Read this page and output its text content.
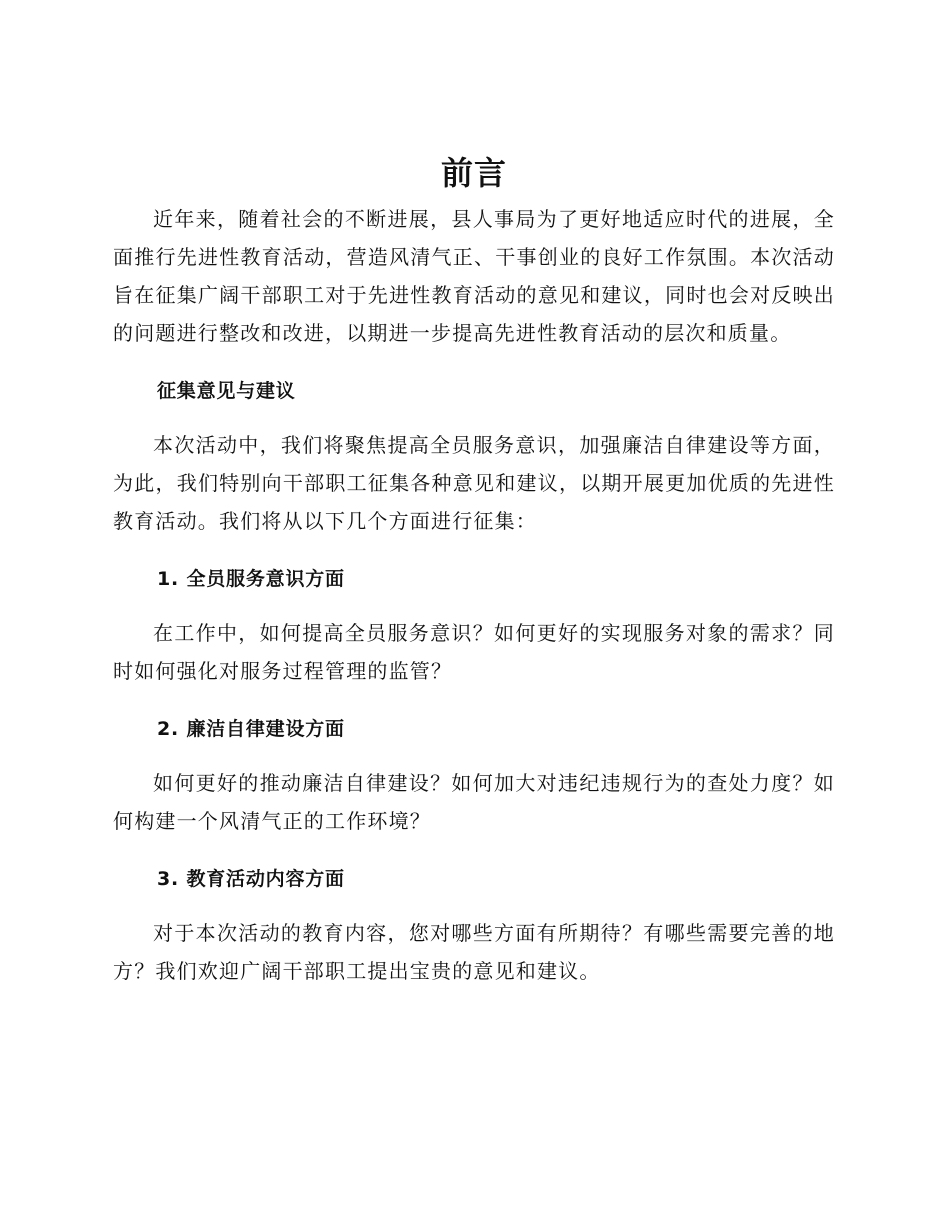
前言

近年来，随着社会的不断进展，县人事局为了更好地适应时代的进展，全面推行先进性教育活动，营造风清气正、干事创业的良好工作氛围。本次活动旨在征集广阔干部职工对于先进性教育活动的意见和建议，同时也会对反映出的问题进行整改和改进，以期进一步提高先进性教育活动的层次和质量。

征集意见与建议

本次活动中，我们将聚焦提高全员服务意识，加强廉洁自律建设等方面，为此，我们特别向干部职工征集各种意见和建议，以期开展更加优质的先进性教育活动。我们将从以下几个方面进行征集：

1. 全员服务意识方面

在工作中，如何提高全员服务意识？如何更好的实现服务对象的需求？同时如何强化对服务过程管理的监管？

2. 廉洁自律建设方面

如何更好的推动廉洁自律建设？如何加大对违纪违规行为的查处力度？如何构建一个风清气正的工作环境？

3. 教育活动内容方面

对于本次活动的教育内容，您对哪些方面有所期待？有哪些需要完善的地方？我们欢迎广阔干部职工提出宝贵的意见和建议。
